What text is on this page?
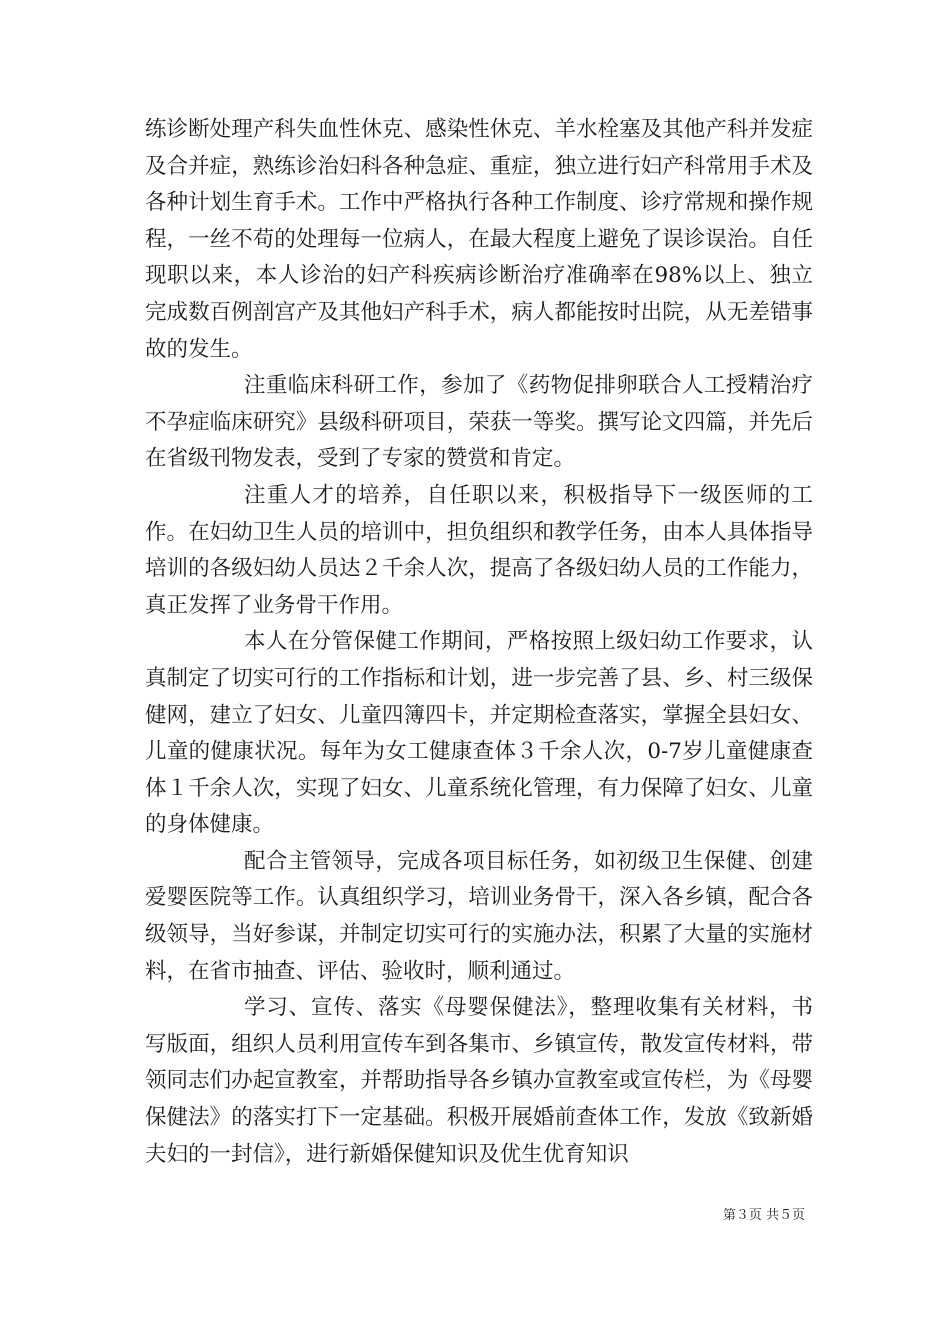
练诊断处理产科失血性休克、感染性休克、羊水栓塞及其他产科并发症及合并症，熟练诊治妇科各种急症、重症，独立进行妇产科常用手术及各种计划生育手术。工作中严格执行各种工作制度、诊疗常规和操作规程，一丝不苟的处理每一位病人，在最大程度上避免了误诊误治。自任现职以来，本人诊治的妇产科疾病诊断治疗准确率在98%以上、独立完成数百例剖宫产及其他妇产科手术，病人都能按时出院，从无差错事故的发生。

注重临床科研工作，参加了《药物促排卵联合人工授精治疗不孕症临床研究》县级科研项目，荣获一等奖。撰写论文四篇，并先后在省级刊物发表，受到了专家的赞赏和肯定。

注重人才的培养，自任职以来，积极指导下一级医师的工作。在妇幼卫生人员的培训中，担负组织和教学任务，由本人具体指导培训的各级妇幼人员达２千余人次，提高了各级妇幼人员的工作能力，真正发挥了业务骨干作用。

本人在分管保健工作期间，严格按照上级妇幼工作要求，认真制定了切实可行的工作指标和计划，进一步完善了县、乡、村三级保健网，建立了妇女、儿童四簿四卡，并定期检查落实，掌握全县妇女、儿童的健康状况。每年为女工健康查体３千余人次，0-7岁儿童健康查体１千余人次，实现了妇女、儿童系统化管理，有力保障了妇女、儿童的身体健康。

配合主管领导，完成各项目标任务，如初级卫生保健、创建爱婴医院等工作。认真组织学习，培训业务骨干，深入各乡镇，配合各级领导，当好参谋，并制定切实可行的实施办法，积累了大量的实施材料，在省市抽查、评估、验收时，顺利通过。

学习、宣传、落实《母婴保健法》，整理收集有关材料，书写版面，组织人员利用宣传车到各集市、乡镇宣传，散发宣传材料，带领同志们办起宣教室，并帮助指导各乡镇办宣教室或宣传栏，为《母婴保健法》的落实打下一定基础。积极开展婚前查体工作，发放《致新婚夫妇的一封信》，进行新婚保健知识及优生优育知识

第３页 共５页
